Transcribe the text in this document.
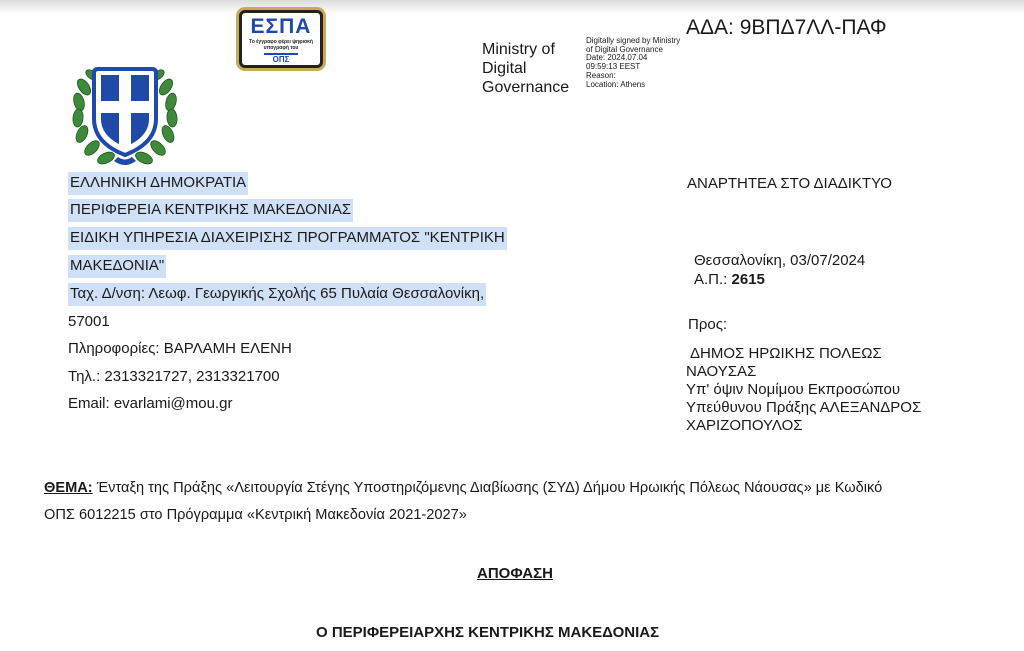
ΕΣΠΑ
Το έγγραφο φέρει ψηφιακή υπογραφή του
ΟΠΣ
Ministry of
Digital
Governance
Digitally signed by Ministry
of Digital Governance
Date: 2024.07.04
09:59:13 EEST
Reason:
Location: Athens
ΑΔΑ: 9ΒΠΔ7ΛΛ-ΠΑΦ
ΕΛΛΗΝΙΚΗ ΔΗΜΟΚΡΑΤΙΑ
ΠΕΡΙΦΕΡΕΙΑ ΚΕΝΤΡΙΚΗΣ ΜΑΚΕΔΟΝΙΑΣ
ΕΙΔΙΚΗ ΥΠΗΡΕΣΙΑ ΔΙΑΧΕΙΡΙΣΗΣ ΠΡΟΓΡΑΜΜΑΤΟΣ "ΚΕΝΤΡΙΚΗ
ΜΑΚΕΔΟΝΙΑ"
Ταχ. Δ/νση: Λεωφ. Γεωργικής Σχολής 65 Πυλαία Θεσσαλονίκη,
57001
Πληροφορίες: ΒΑΡΛΑΜΗ ΕΛΕΝΗ
Τηλ.: 2313321727, 2313321700
Email: evarlami@mou.gr
ΑΝΑΡΤΗΤΕΑ ΣΤΟ ΔΙΑΔΙΚΤΥΟ
Θεσσαλονίκη, 03/07/2024
Α.Π.: 2615
Προς:
ΔΗΜΟΣ ΗΡΩΙΚΗΣ ΠΟΛΕΩΣ
ΝΑΟΥΣΑΣ
Υπ' όψιν Νομίμου Εκπροσώπου
Υπεύθυνου Πράξης ΑΛΕΞΑΝΔΡΟΣ
ΧΑΡΙΖΟΠΟΥΛΟΣ
ΘΕΜΑ: Ένταξη της Πράξης «Λειτουργία Στέγης Υποστηριζόμενης Διαβίωσης (ΣΥΔ) Δήμου Ηρωικής Πόλεως Νάουσας» με Κωδικό
ΟΠΣ 6012215 στο Πρόγραμμα «Κεντρική Μακεδονία 2021-2027»
ΑΠΟΦΑΣΗ
Ο ΠΕΡΙΦΕΡΕΙΑΡΧΗΣ ΚΕΝΤΡΙΚΗΣ ΜΑΚΕΔΟΝΙΑΣ
